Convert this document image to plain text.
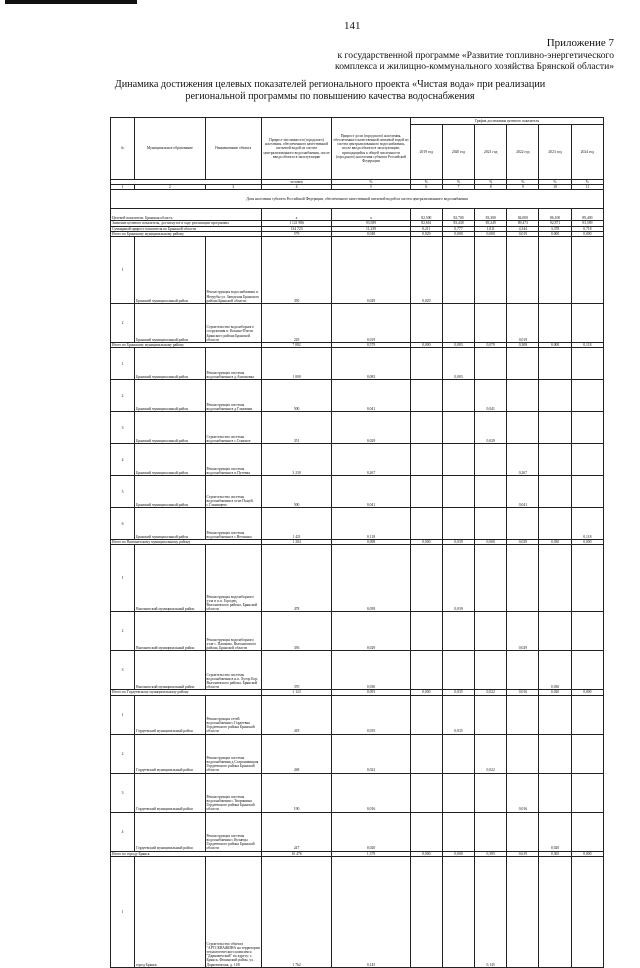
141
Приложение 7
к государственной программе «Развитие топливно-энергетического
комплекса и жилищно-коммунального хозяйства Брянской области»
Динамика достижения целевых показателей регионального проекта «Чистая вода» при реализации
региональной программы по повышению качества водоснабжения
№	Муниципальное образование	Наименование объекта	Прирост численности (городского) населения, обеспеченного качественной питьевой водой из систем централизованного водоснабжения, после ввода объекта в эксплуатацию	Прирост доли (городского) населения, обеспеченного качественной питьевой водой из систем централизованного водоснабжения, после ввода объекта в эксплуатацию, приходящийся к общей численности (городского) населения субъекта Российской Федерации	График достижения целевого показателя					
					2019 год	2020 год	2021 год	2022 год	2023 год	2024 год
			человек	%	%	%	%	%	%	%
1	2	3	4	5	6	7	8	9	10	11
Доля населения субъекта Российской Федерации, обеспеченного качественной питьевой водой из систем централизованного водоснабжения										
Целевой показатель: Брянская область			x	x	82,500	82,700	83,300	84,000	86,100	89,400
Значение целевого показателя, достигнутое в ходе реализации программы			1 121 986	93,589	82,661	83,438	85,249	89,473	92,871	93,589
Суммарный прирост показателя по Брянской области			134 723	11,239	0,211	0,777	1,811	4,344	3,378	0,718
Итого по Брянскому муниципальному району			579	0,048	0,029	0,000	0,000	0,019	0,000	0,000
1	Брянский муниципальный район	Реконструкция водоснабжения п. Нетрубы ул. Заводская Брянского района Брянской области	350	0,029	0,029					
2	Брянский муниципальный район	Строительство водозаборного сооружения п. Кокино-Пчели Брянского района Брянской области	229	0,019				0,019		
Итого по Брянскому муниципальному району			7 082	0,579	0,000	0,083	0,079	0,308	0,000	0,118
1	Брянский муниципальный район	Реконструкция системы водоснабжения в д.Антоновка	1 000	0,083		0,083				
2	Брянский муниципальный район	Реконструкция системы водоснабжения в д.Глаженки	500	0,041			0,041			
3	Брянский муниципальный район	Строительство системы водоснабжения в с.Стяжное	351	0,029			0,029			
4	Брянский муниципальный район	Реконструкция системы водоснабжения в п.Путевка	3 230	0,267				0,267		
5	Брянский муниципальный район	Строительство системы водоснабжения в м-не Понуй, с.Глинищево	500	0,041				0,041		
6	Брянский муниципальный район	Реконструкция системы водоснабжения в с.Нетьинка	1 421	0,118						0,118
Итого по Выгоничскому муниципальному району			1 204	0,098	0,000	0,039	0,000	0,029	0,030	0,000
1	Выгоничский муниципальный район	Реконструкция водозаборного узла в п.п. Городец, Выгоничского района, Брянской области	478	0,039		0,039				
2	Выгоничский муниципальный район	Реконструкция водозаборного узла с. Пашково, Выгоничского района, Брянской области	356	0,029				0,029		
3	Выгоничский муниципальный район	Строительство системы водоснабжения в н.п. Хутор Бор, Выгоничского района, Брянской области	370	0,030					0,030	
Итого по Гордеевскому муниципальному району			1 123	0,093	0,000	0,035	0,022	0,016	0,020	0,000
1	Гордеевский муниципальный район	Реконструкция сетей водоснабжения с.Гордеевка Гордеевского района Брянской области	418	0,035		0,035				
2	Гордеевский муниципальный район	Реконструкция системы водоснабжения д.Староновицкая Гордеевского района Брянской области	268	0,022			0,022			
3	Гордеевский муниципальный район	Реконструкция системы водоснабжения с.Творишино Гордеевского района Брянской области	190	0,016				0,016		
4	Гордеевский муниципальный район	Реконструкция системы водоснабжения с.Кузнецы Гордеевского района Брянской области	247	0,020					0,020	
Итого по городу Брянск			16 476	1,379	0,000	0,000	0,395	0,619	0,365	0,000
1	город Брянск	Строительство объекта "АРТСКВАЖИНА на территории технологического комплекса "Дарковичский" по адресу: г. Брянск, Фокинский район, ул. Дарковичская, д. 11В	1 762	0,145			0,145			
